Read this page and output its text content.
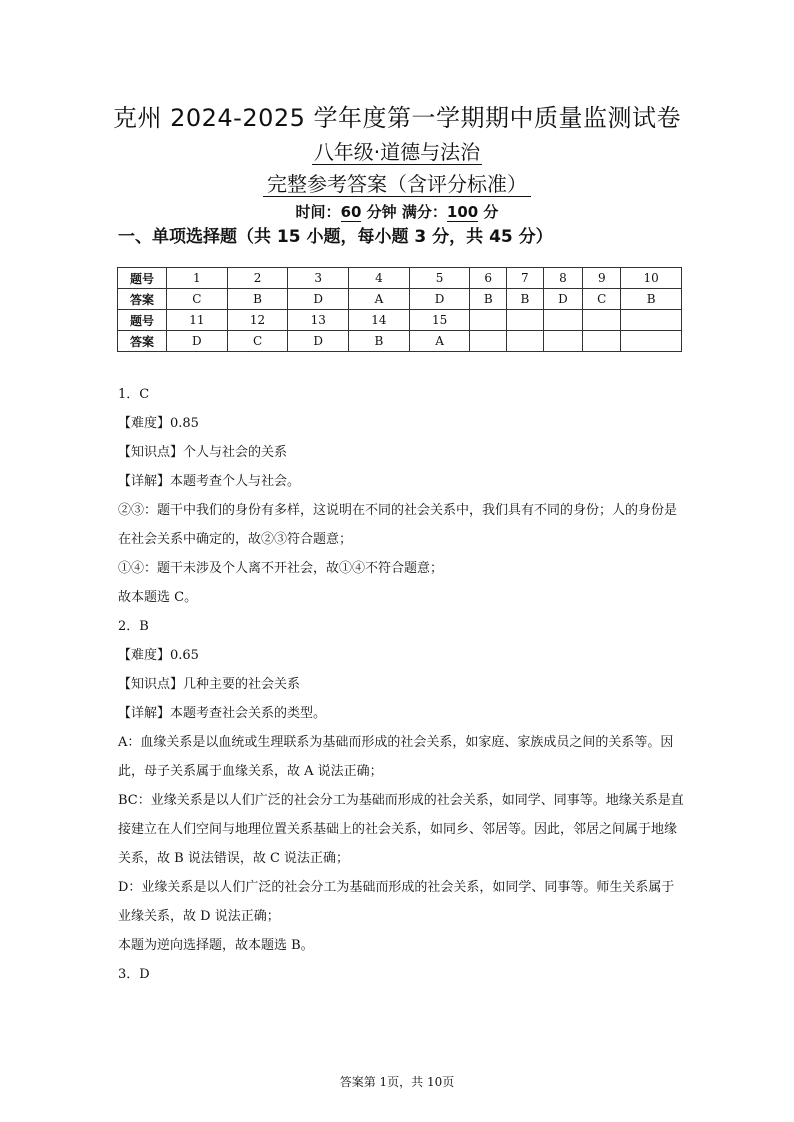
克州 2024-2025 学年度第一学期期中质量监测试卷
八年级·道德与法治
完整参考答案（含评分标准）
时间：60 分钟 满分：100 分
一、单项选择题（共 15 小题，每小题 3 分，共 45 分）
题号	1	2	3	4	5	6	7	8	9	10
答案	C	B	D	A	D	B	B	D	C	B
题号	11	12	13	14	15					
答案	D	C	D	B	A					

1．C

【难度】0.85

【知识点】个人与社会的关系

【详解】本题考查个人与社会。

②③：题干中我们的身份有多样，这说明在不同的社会关系中，我们具有不同的身份；人的身份是在社会关系中确定的，故②③符合题意；

①④：题干未涉及个人离不开社会，故①④不符合题意；

故本题选 C。

2．B

【难度】0.65

【知识点】几种主要的社会关系

【详解】本题考查社会关系的类型。

A：血缘关系是以血统或生理联系为基础而形成的社会关系，如家庭、家族成员之间的关系等。因此，母子关系属于血缘关系，故 A 说法正确；

BC：业缘关系是以人们广泛的社会分工为基础而形成的社会关系，如同学、同事等。地缘关系是直接建立在人们空间与地理位置关系基础上的社会关系，如同乡、邻居等。因此，邻居之间属于地缘关系，故 B 说法错误，故 C 说法正确；

D：业缘关系是以人们广泛的社会分工为基础而形成的社会关系，如同学、同事等。师生关系属于业缘关系，故 D 说法正确；

本题为逆向选择题，故本题选 B。

3．D

答案第 1页，共 10页
